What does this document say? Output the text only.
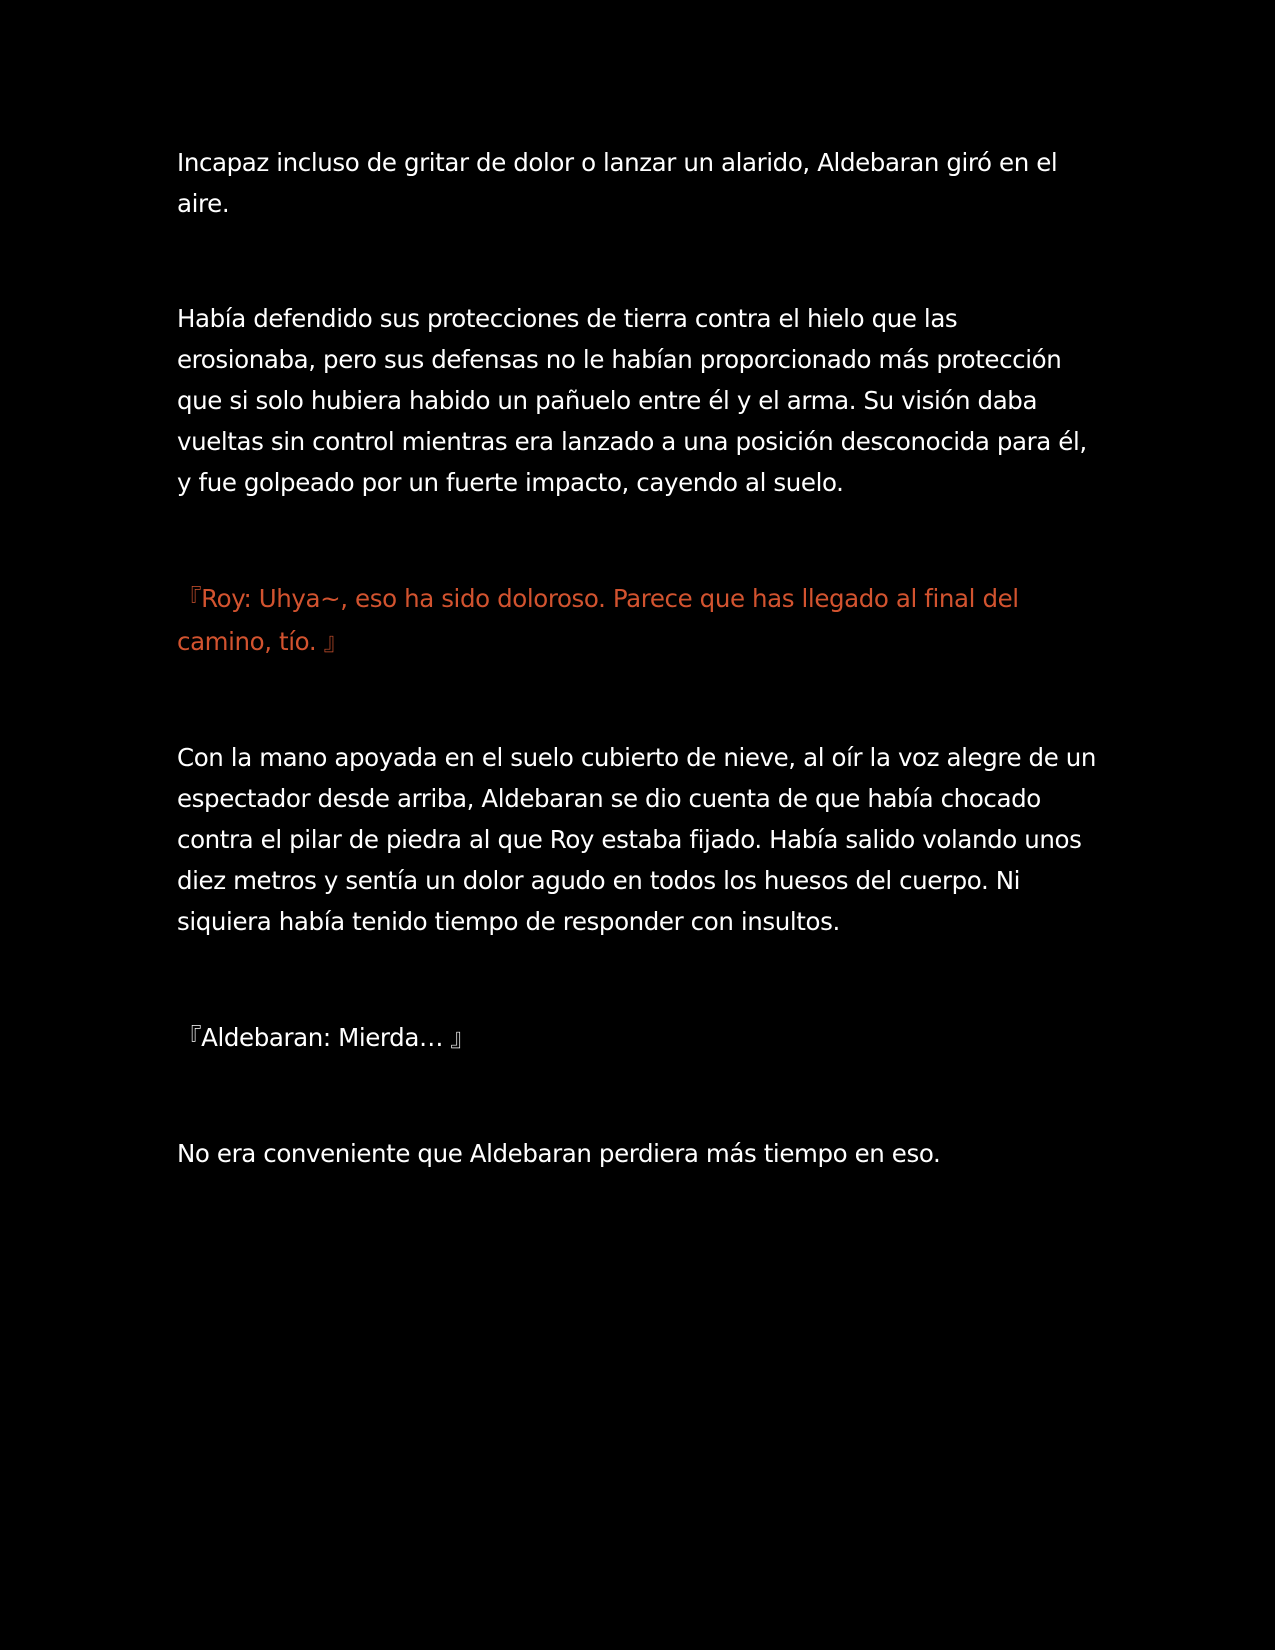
Incapaz incluso de gritar de dolor o lanzar un alarido, Aldebaran giró en el aire.

Había defendido sus protecciones de tierra contra el hielo que las erosionaba, pero sus defensas no le habían proporcionado más protección que si solo hubiera habido un pañuelo entre él y el arma. Su visión daba vueltas sin control mientras era lanzado a una posición desconocida para él, y fue golpeado por un fuerte impacto, cayendo al suelo.

『Roy: Uhya~, eso ha sido doloroso. Parece que has llegado al final del camino, tío. 』

Con la mano apoyada en el suelo cubierto de nieve, al oír la voz alegre de un espectador desde arriba, Aldebaran se dio cuenta de que había chocado contra el pilar de piedra al que Roy estaba fijado. Había salido volando unos diez metros y sentía un dolor agudo en todos los huesos del cuerpo. Ni siquiera había tenido tiempo de responder con insultos.

『Aldebaran: Mierda… 』

No era conveniente que Aldebaran perdiera más tiempo en eso.
